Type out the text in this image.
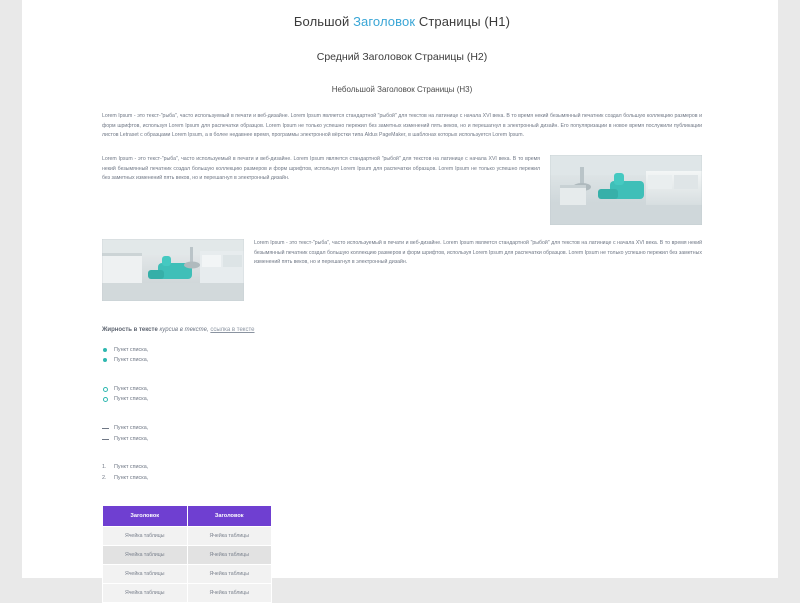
Большой Заголовок Страницы (H1)
Средний Заголовок Страницы (H2)
Небольшой Заголовок Страницы (H3)

Lorem Ipsum - это текст-"рыба", часто используемый в печати и веб-дизайне. Lorem Ipsum является стандартной "рыбой" для текстов на латинице с начала XVI века. В то время некий безымянный печатник создал большую коллекцию размеров и форм шрифтов, используя Lorem Ipsum для распечатки образцов. Lorem Ipsum не только успешно пережил без заметных изменений пять веков, но и перешагнул в электронный дизайн. Его популяризации в новое время послужили публикации листов Letraset с образцами Lorem Ipsum, а в более недавнее время, программы электронной вёрстки типа Aldus PageMaker, в шаблонах которых используется Lorem Ipsum.

Lorem Ipsum - это текст-"рыба", часто используемый в печати и веб-дизайне. Lorem Ipsum является стандартной "рыбой" для текстов на латинице с начала XVI века. В то время некий безымянный печатник создал большую коллекцию размеров и форм шрифтов, используя Lorem Ipsum для распечатки образцов. Lorem Ipsum не только успешно пережил без заметных изменений пять веков, но и перешагнул в электронный дизайн.

Lorem Ipsum - это текст-"рыба", часто используемый в печати и веб-дизайне. Lorem Ipsum является стандартной "рыбой" для текстов на латинице с начала XVI века. В то время некий безымянный печатник создал большую коллекцию размеров и форм шрифтов, используя Lorem Ipsum для распечатки образцов. Lorem Ipsum не только успешно пережил без заметных изменений пять веков, но и перешагнул в электронный дизайн.

Жирность в тексте курсив в тексте, ссылка в тексте

Пункт списка,
Пункт списка,
Пункт списка,
Пункт списка,
Пункт списка,
Пункт списка,
Пункт списка,
Пункт списка,
Заголовок	Заголовок
Ячейка таблицы	Ячейка таблицы
Ячейка таблицы	Ячейка таблицы
Ячейка таблицы	Ячейка таблицы
Ячейка таблицы	Ячейка таблицы
